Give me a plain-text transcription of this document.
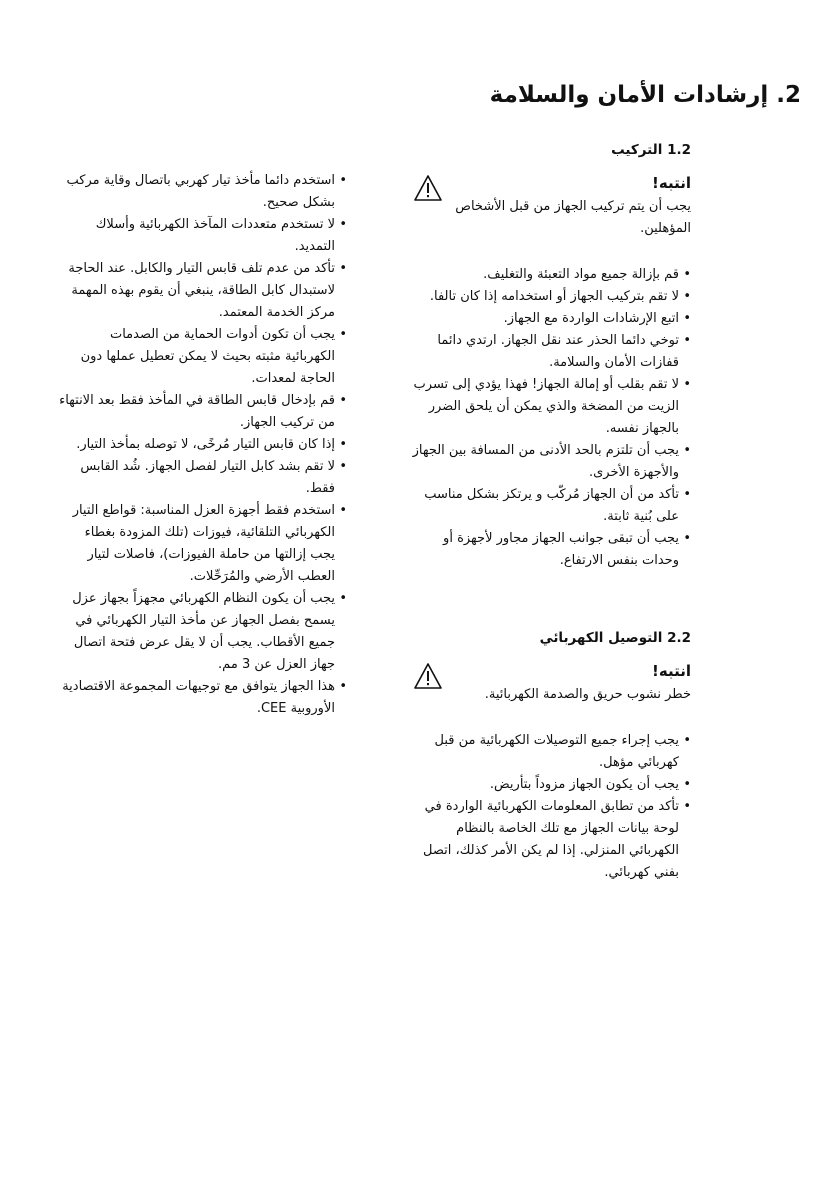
2. إرشادات الأمان والسلامة
1.2 التركيب
انتبه!
يجب أن يتم تركيب الجهاز من قبل الأشخاص المؤهلين.
• قم بإزالة جميع مواد التعبئة والتغليف.
• لا تقم بتركيب الجهاز أو استخدامه إذا كان تالفا.
• اتبع الإرشادات الواردة مع الجهاز.
• توخي دائما الحذر عند نقل الجهاز. ارتدي دائما قفازات الأمان والسلامة.
• لا تقم بقلب أو إمالة الجهاز! فهذا يؤدي إلى تسرب الزيت من المضخة والذي يمكن أن يلحق الضرر بالجهاز نفسه.
• يجب أن تلتزم بالحد الأدنى من المسافة بين الجهاز والأجهزة الأخرى.
• تأكد من أن الجهاز مُركّب و يرتكز بشكل مناسب على بُنية ثابتة.
• يجب أن تبقى جوانب الجهاز مجاور لأجهزة أو وحدات بنفس الارتفاع.
2.2 التوصيل الكهربائي
انتبه!
خطر نشوب حريق والصدمة الكهربائية.
• يجب إجراء جميع التوصيلات الكهربائية من قبل كهربائي مؤهل.
• يجب أن يكون الجهاز مزوداً بتأريض.
• تأكد من تطابق المعلومات الكهربائية الواردة في لوحة بيانات الجهاز مع تلك الخاصة بالنظام الكهربائي المنزلي. إذا لم يكن الأمر كذلك، اتصل بفني كهربائي.
• استخدم دائما مأخذ تيار كهربي باتصال وقاية مركب بشكل صحيح.
• لا تستخدم متعددات المآخذ الكهربائية وأسلاك التمديد.
• تأكد من عدم تلف قابس التيار والكابل. عند الحاجة لاستبدال كابل الطاقة، ينبغي أن يقوم بهذه المهمة مركز الخدمة المعتمد.
• يجب أن تكون أدوات الحماية من الصدمات الكهربائية مثبته بحيث لا يمكن تعطيل عملها دون الحاجة لمعدات.
• قم بإدخال قابس الطاقة في المأخذ فقط بعد الانتهاء من تركيب الجهاز.
• إذا كان قابس التيار مُرخًى، لا توصله بمأخذ التيار.
• لا تقم بشد كابل التيار لفصل الجهاز. شُد القابس فقط.
• استخدم فقط أجهزة العزل المناسبة: قواطع التيار الكهربائي التلقائية، فيوزات (تلك المزودة بغطاء يجب إزالتها من حاملة الفيوزات)، فاصلات لتيار العطب الأرضي والمُرَحِّلات.
• يجب أن يكون النظام الكهربائي مجهزاً بجهاز عزل يسمح بفصل الجهاز عن مأخذ التيار الكهربائي في جميع الأقطاب. يجب أن لا يقل عرض فتحة اتصال جهاز العزل عن 3 مم.
• هذا الجهاز يتوافق مع توجيهات المجموعة الاقتصادية الأوروبية CEE.
